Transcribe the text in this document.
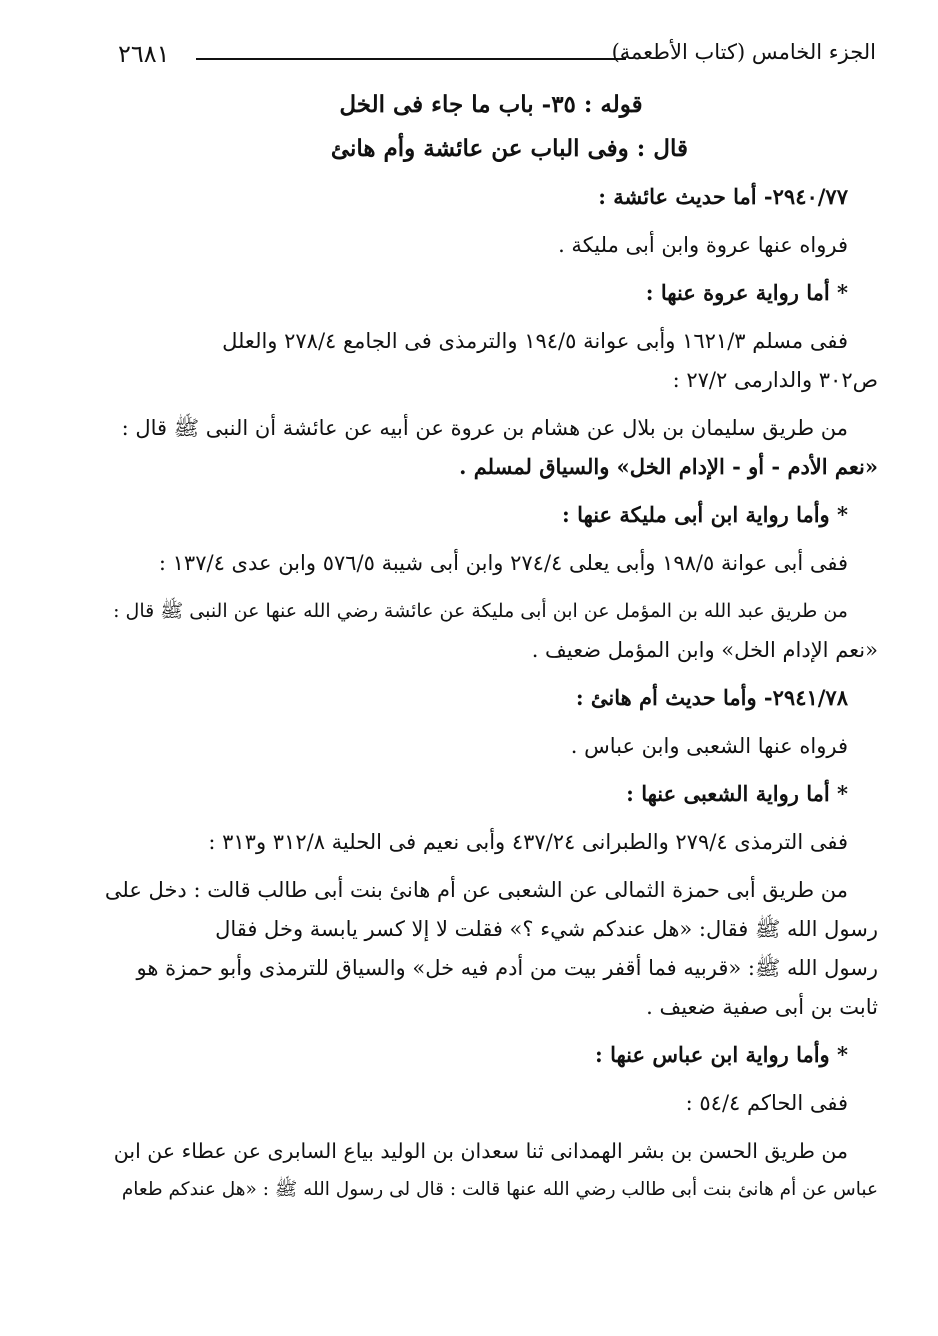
٢٦٨١	الجزء الخامس (كتاب الأطعمة)
قوله : ٣٥- باب ما جاء فى الخل
قال : وفى الباب عن عائشة وأم هانئ
٢٩٤٠/٧٧- أما حديث عائشة :
فرواه عنها عروة وابن أبى مليكة .
* أما رواية عروة عنها :
ففى مسلم ١٦٢١/٣ وأبى عوانة ١٩٤/٥ والترمذى فى الجامع ٢٧٨/٤ والعلل
ص٣٠٢ والدارمى ٢٧/٢ :
من طريق سليمان بن بلال عن هشام بن عروة عن أبيه عن عائشة أن النبى ﷺ قال :
«نعم الأدم - أو - الإدام الخل» والسياق لمسلم .
* وأما رواية ابن أبى مليكة عنها :
ففى أبى عوانة ١٩٨/٥ وأبى يعلى ٢٧٤/٤ وابن أبى شيبة ٥٧٦/٥ وابن عدى ١٣٧/٤ :
من طريق عبد الله بن المؤمل عن ابن أبى مليكة عن عائشة رضي الله عنها عن النبى ﷺ قال :
«نعم الإدام الخل» وابن المؤمل ضعيف .
٢٩٤١/٧٨- وأما حديث أم هانئ :
فرواه عنها الشعبى وابن عباس .
* أما رواية الشعبى عنها :
ففى الترمذى ٢٧٩/٤ والطبرانى ٤٣٧/٢٤ وأبى نعيم فى الحلية ٣١٢/٨ و٣١٣ :
من طريق أبى حمزة الثمالى عن الشعبى عن أم هانئ بنت أبى طالب قالت : دخل على
رسول الله ﷺ فقال: «هل عندكم شيء ؟» فقلت لا إلا كسر يابسة وخل فقال
رسول الله ﷺ: «قربيه فما أقفر بيت من أدم فيه خل» والسياق للترمذى وأبو حمزة هو
ثابت بن أبى صفية ضعيف .
* وأما رواية ابن عباس عنها :
ففى الحاكم ٥٤/٤ :
من طريق الحسن بن بشر الهمدانى ثنا سعدان بن الوليد بياع السابرى عن عطاء عن ابن
عباس عن أم هانئ بنت أبى طالب رضي الله عنها قالت : قال لى رسول الله ﷺ : «هل عندكم طعام
